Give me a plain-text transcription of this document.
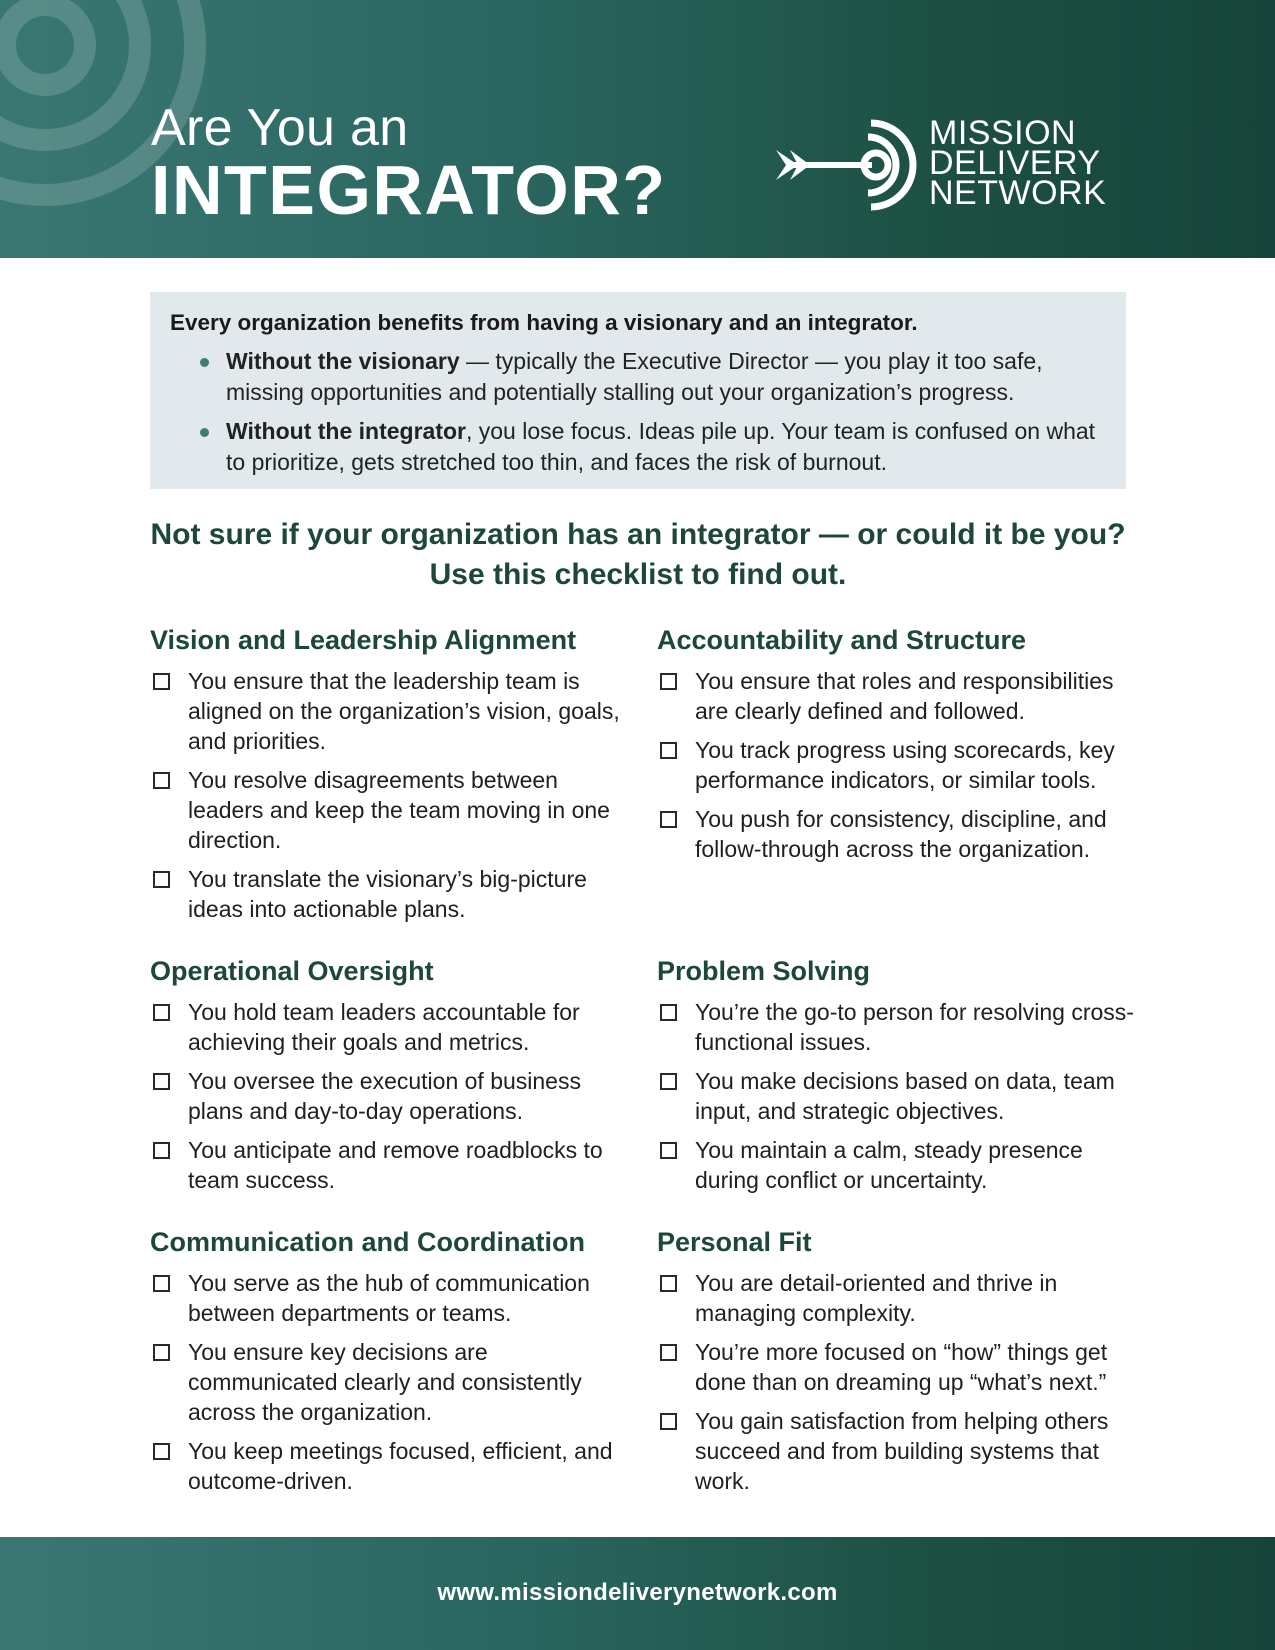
Are You an
INTEGRATOR?
MISSION
DELIVERY
NETWORK
Every organization benefits from having a visionary and an integrator.
Without the visionary — typically the Executive Director — you play it too safe, missing opportunities and potentially stalling out your organization’s progress.
Without the integrator, you lose focus. Ideas pile up. Your team is confused on what to prioritize, gets stretched too thin, and faces the risk of burnout.
Not sure if your organization has an integrator — or could it be you?
Use this checklist to find out.
Vision and Leadership Alignment
You ensure that the leadership team is aligned on the organization’s vision, goals, and priorities.
You resolve disagreements between leaders and keep the team moving in one direction.
You translate the visionary’s big-picture ideas into actionable plans.
Operational Oversight
You hold team leaders accountable for achieving their goals and metrics.
You oversee the execution of business plans and day-to-day operations.
You anticipate and remove roadblocks to team success.
Communication and Coordination
You serve as the hub of communication between departments or teams.
You ensure key decisions are communicated clearly and consistently across the organization.
You keep meetings focused, efficient, and outcome-driven.
Accountability and Structure
You ensure that roles and responsibilities are clearly defined and followed.
You track progress using scorecards, key performance indicators, or similar tools.
You push for consistency, discipline, and follow-through across the organization.
Problem Solving
You’re the go-to person for resolving cross-functional issues.
You make decisions based on data, team input, and strategic objectives.
You maintain a calm, steady presence during conflict or uncertainty.
Personal Fit
You are detail-oriented and thrive in managing complexity.
You’re more focused on “how” things get done than on dreaming up “what’s next.”
You gain satisfaction from helping others succeed and from building systems that work.
www.missiondeliverynetwork.com
